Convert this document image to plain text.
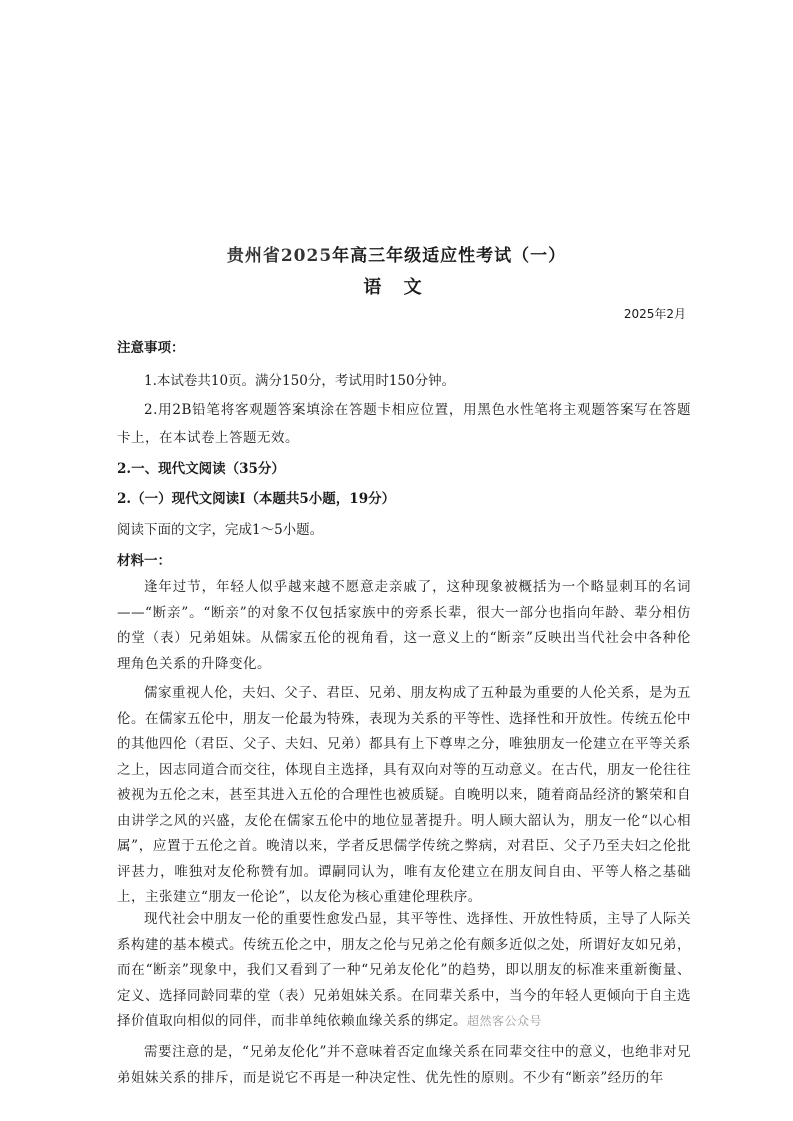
贵州省2025年高三年级适应性考试（一）
语 文
2025年2月
注意事项：
1.本试卷共10页。满分150分，考试用时150分钟。
2.用2B铅笔将客观题答案填涂在答题卡相应位置，用黑色水性笔将主观题答案写在答题卡上，在本试卷上答题无效。
2.一、现代文阅读（35分）
2.（一）现代文阅读Ⅰ（本题共5小题，19分）
阅读下面的文字，完成1～5小题。
材料一：
逢年过节，年轻人似乎越来越不愿意走亲戚了，这种现象被概括为一个略显刺耳的名词——“断亲”。“断亲”的对象不仅包括家族中的旁系长辈，很大一部分也指向年龄、辈分相仿的堂（表）兄弟姐妹。从儒家五伦的视角看，这一意义上的“断亲”反映出当代社会中各种伦理角色关系的升降变化。
儒家重视人伦，夫妇、父子、君臣、兄弟、朋友构成了五种最为重要的人伦关系，是为五伦。在儒家五伦中，朋友一伦最为特殊，表现为关系的平等性、选择性和开放性。传统五伦中的其他四伦（君臣、父子、夫妇、兄弟）都具有上下尊卑之分，唯独朋友一伦建立在平等关系之上，因志同道合而交往，体现自主选择，具有双向对等的互动意义。在古代，朋友一伦往往被视为五伦之末，甚至其进入五伦的合理性也被质疑。自晚明以来，随着商品经济的繁荣和自由讲学之风的兴盛，友伦在儒家五伦中的地位显著提升。明人顾大韶认为，朋友一伦“以心相属”，应置于五伦之首。晚清以来，学者反思儒学传统之弊病，对君臣、父子乃至夫妇之伦批评甚力，唯独对友伦称赞有加。谭嗣同认为，唯有友伦建立在朋友间自由、平等人格之基础上，主张建立“朋友一伦论”，以友伦为核心重建伦理秩序。
现代社会中朋友一伦的重要性愈发凸显，其平等性、选择性、开放性特质，主导了人际关系构建的基本模式。传统五伦之中，朋友之伦与兄弟之伦有颇多近似之处，所谓好友如兄弟，而在“断亲”现象中，我们又看到了一种“兄弟友伦化”的趋势，即以朋友的标准来重新衡量、定义、选择同龄同辈的堂（表）兄弟姐妹关系。在同辈关系中，当今的年轻人更倾向于自主选择价值取向相似的同伴，而非单纯依赖血缘关系的绑定。超然客公众号
需要注意的是，“兄弟友伦化”并不意味着否定血缘关系在同辈交往中的意义，也绝非对兄弟姐妹关系的排斥，而是说它不再是一种决定性、优先性的原则。不少有“断亲”经历的年
